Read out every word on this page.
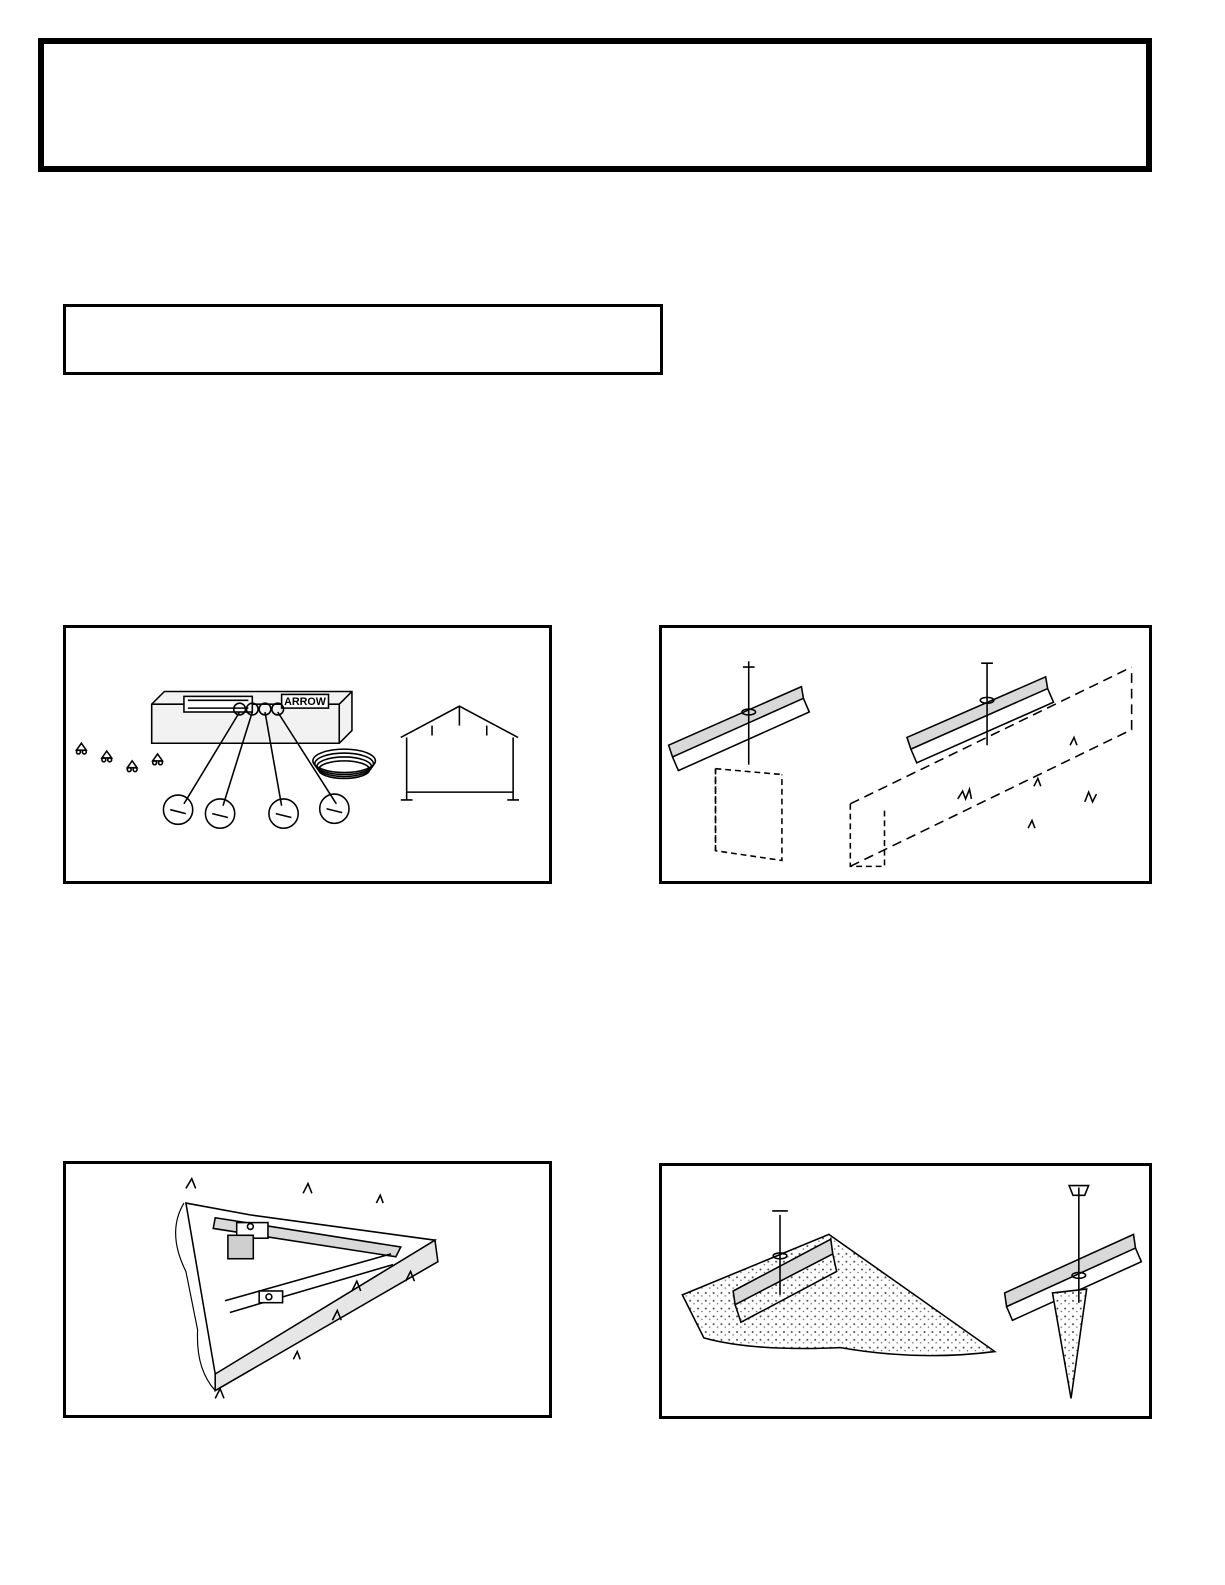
ARROW
